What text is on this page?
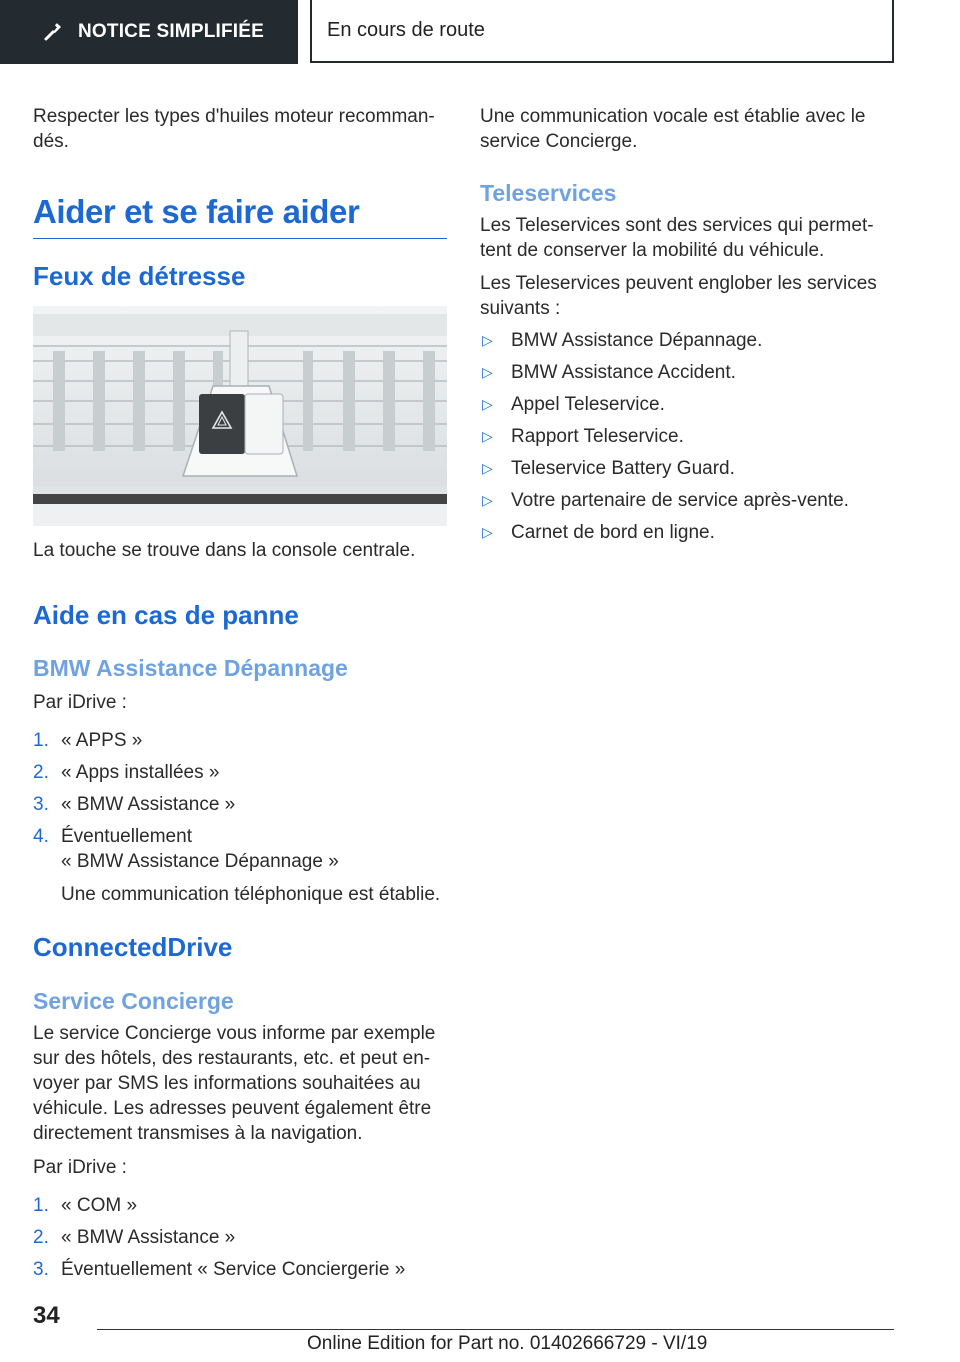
NOTICE SIMPLIFIÉE	En cours de route

Respecter les types d'huiles moteur recomman-
dés.

Aider et se faire aider
Feux de détresse

La touche se trouve dans la console centrale.

Aide en cas de panne
BMW Assistance Dépannage

Par iDrive :

1. « APPS »
2. « Apps installées »
3. « BMW Assistance »
4. Éventuellement
« BMW Assistance Dépannage »

Une communication téléphonique est établie.

ConnectedDrive
Service Concierge

Le service Concierge vous informe par exemple
sur des hôtels, des restaurants, etc. et peut en-
voyer par SMS les informations souhaitées au
véhicule. Les adresses peuvent également être
directement transmises à la navigation.

Par iDrive :

1. « COM »
2. « BMW Assistance »
3. Éventuellement « Service Conciergerie »

Une communication vocale est établie avec le
service Concierge.

Teleservices

Les Teleservices sont des services qui permet-
tent de conserver la mobilité du véhicule.

Les Teleservices peuvent englober les services
suivants :

▷ BMW Assistance Dépannage.
▷ BMW Assistance Accident.
▷ Appel Teleservice.
▷ Rapport Teleservice.
▷ Teleservice Battery Guard.
▷ Votre partenaire de service après-vente.
▷ Carnet de bord en ligne.
34
Online Edition for Part no. 01402666729 - VI/19
